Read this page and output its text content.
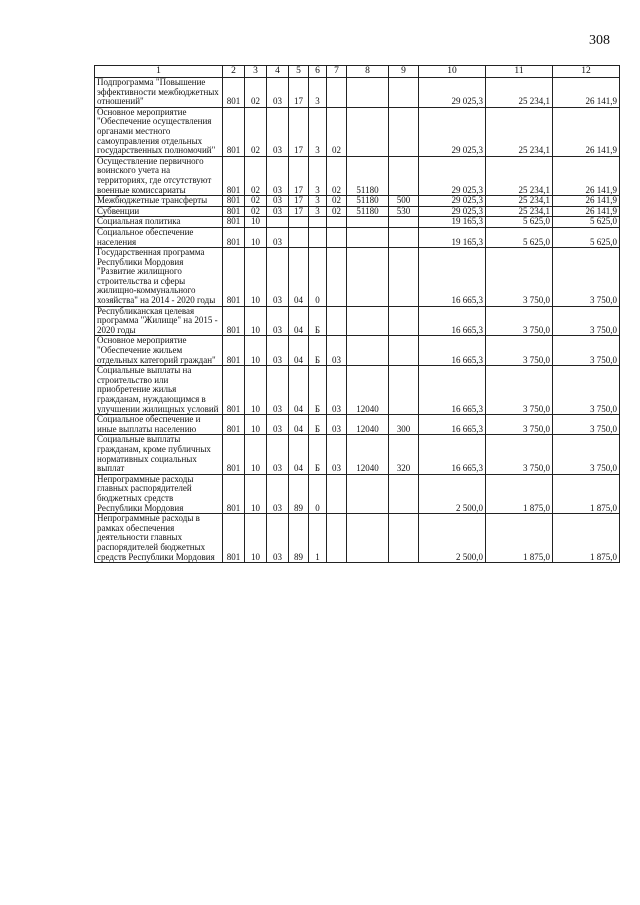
308
1	2	3	4	5	6	7	8	9	10	11	12
Подпрограмма "Повышение эффективности межбюджетных отношений"	801	02	03	17	3				29 025,3	25 234,1	26 141,9
Основное мероприятие "Обеспечение осуществления органами местного самоуправления отдельных государственных полномочий"	801	02	03	17	3	02			29 025,3	25 234,1	26 141,9
Осуществление первичного воинского учета на территориях, где отсутствуют военные комиссариаты	801	02	03	17	3	02	51180		29 025,3	25 234,1	26 141,9
Межбюджетные трансферты	801	02	03	17	3	02	51180	500	29 025,3	25 234,1	26 141,9
Субвенции	801	02	03	17	3	02	51180	530	29 025,3	25 234,1	26 141,9
Социальная политика	801	10							19 165,3	5 625,0	5 625,0
Социальное обеспечение населения	801	10	03						19 165,3	5 625,0	5 625,0
Государственная программа Республики Мордовия "Развитие жилищного строительства и сферы жилищно-коммунального хозяйства" на 2014 - 2020 годы	801	10	03	04	0				16 665,3	3 750,0	3 750,0
Республиканская целевая программа "Жилище" на 2015 - 2020 годы	801	10	03	04	Б				16 665,3	3 750,0	3 750,0
Основное мероприятие "Обеспечение жильем отдельных категорий граждан"	801	10	03	04	Б	03			16 665,3	3 750,0	3 750,0
Социальные выплаты на строительство или приобретение жилья гражданам, нуждающимся в улучшении жилищных условий	801	10	03	04	Б	03	12040		16 665,3	3 750,0	3 750,0
Социальное обеспечение и иные выплаты населению	801	10	03	04	Б	03	12040	300	16 665,3	3 750,0	3 750,0
Социальные выплаты гражданам, кроме публичных нормативных социальных выплат	801	10	03	04	Б	03	12040	320	16 665,3	3 750,0	3 750,0
Непрограммные расходы главных распорядителей бюджетных средств Республики Мордовия	801	10	03	89	0				2 500,0	1 875,0	1 875,0
Непрограммные расходы в рамках обеспечения деятельности главных распорядителей бюджетных средств Республики Мордовия	801	10	03	89	1				2 500,0	1 875,0	1 875,0
